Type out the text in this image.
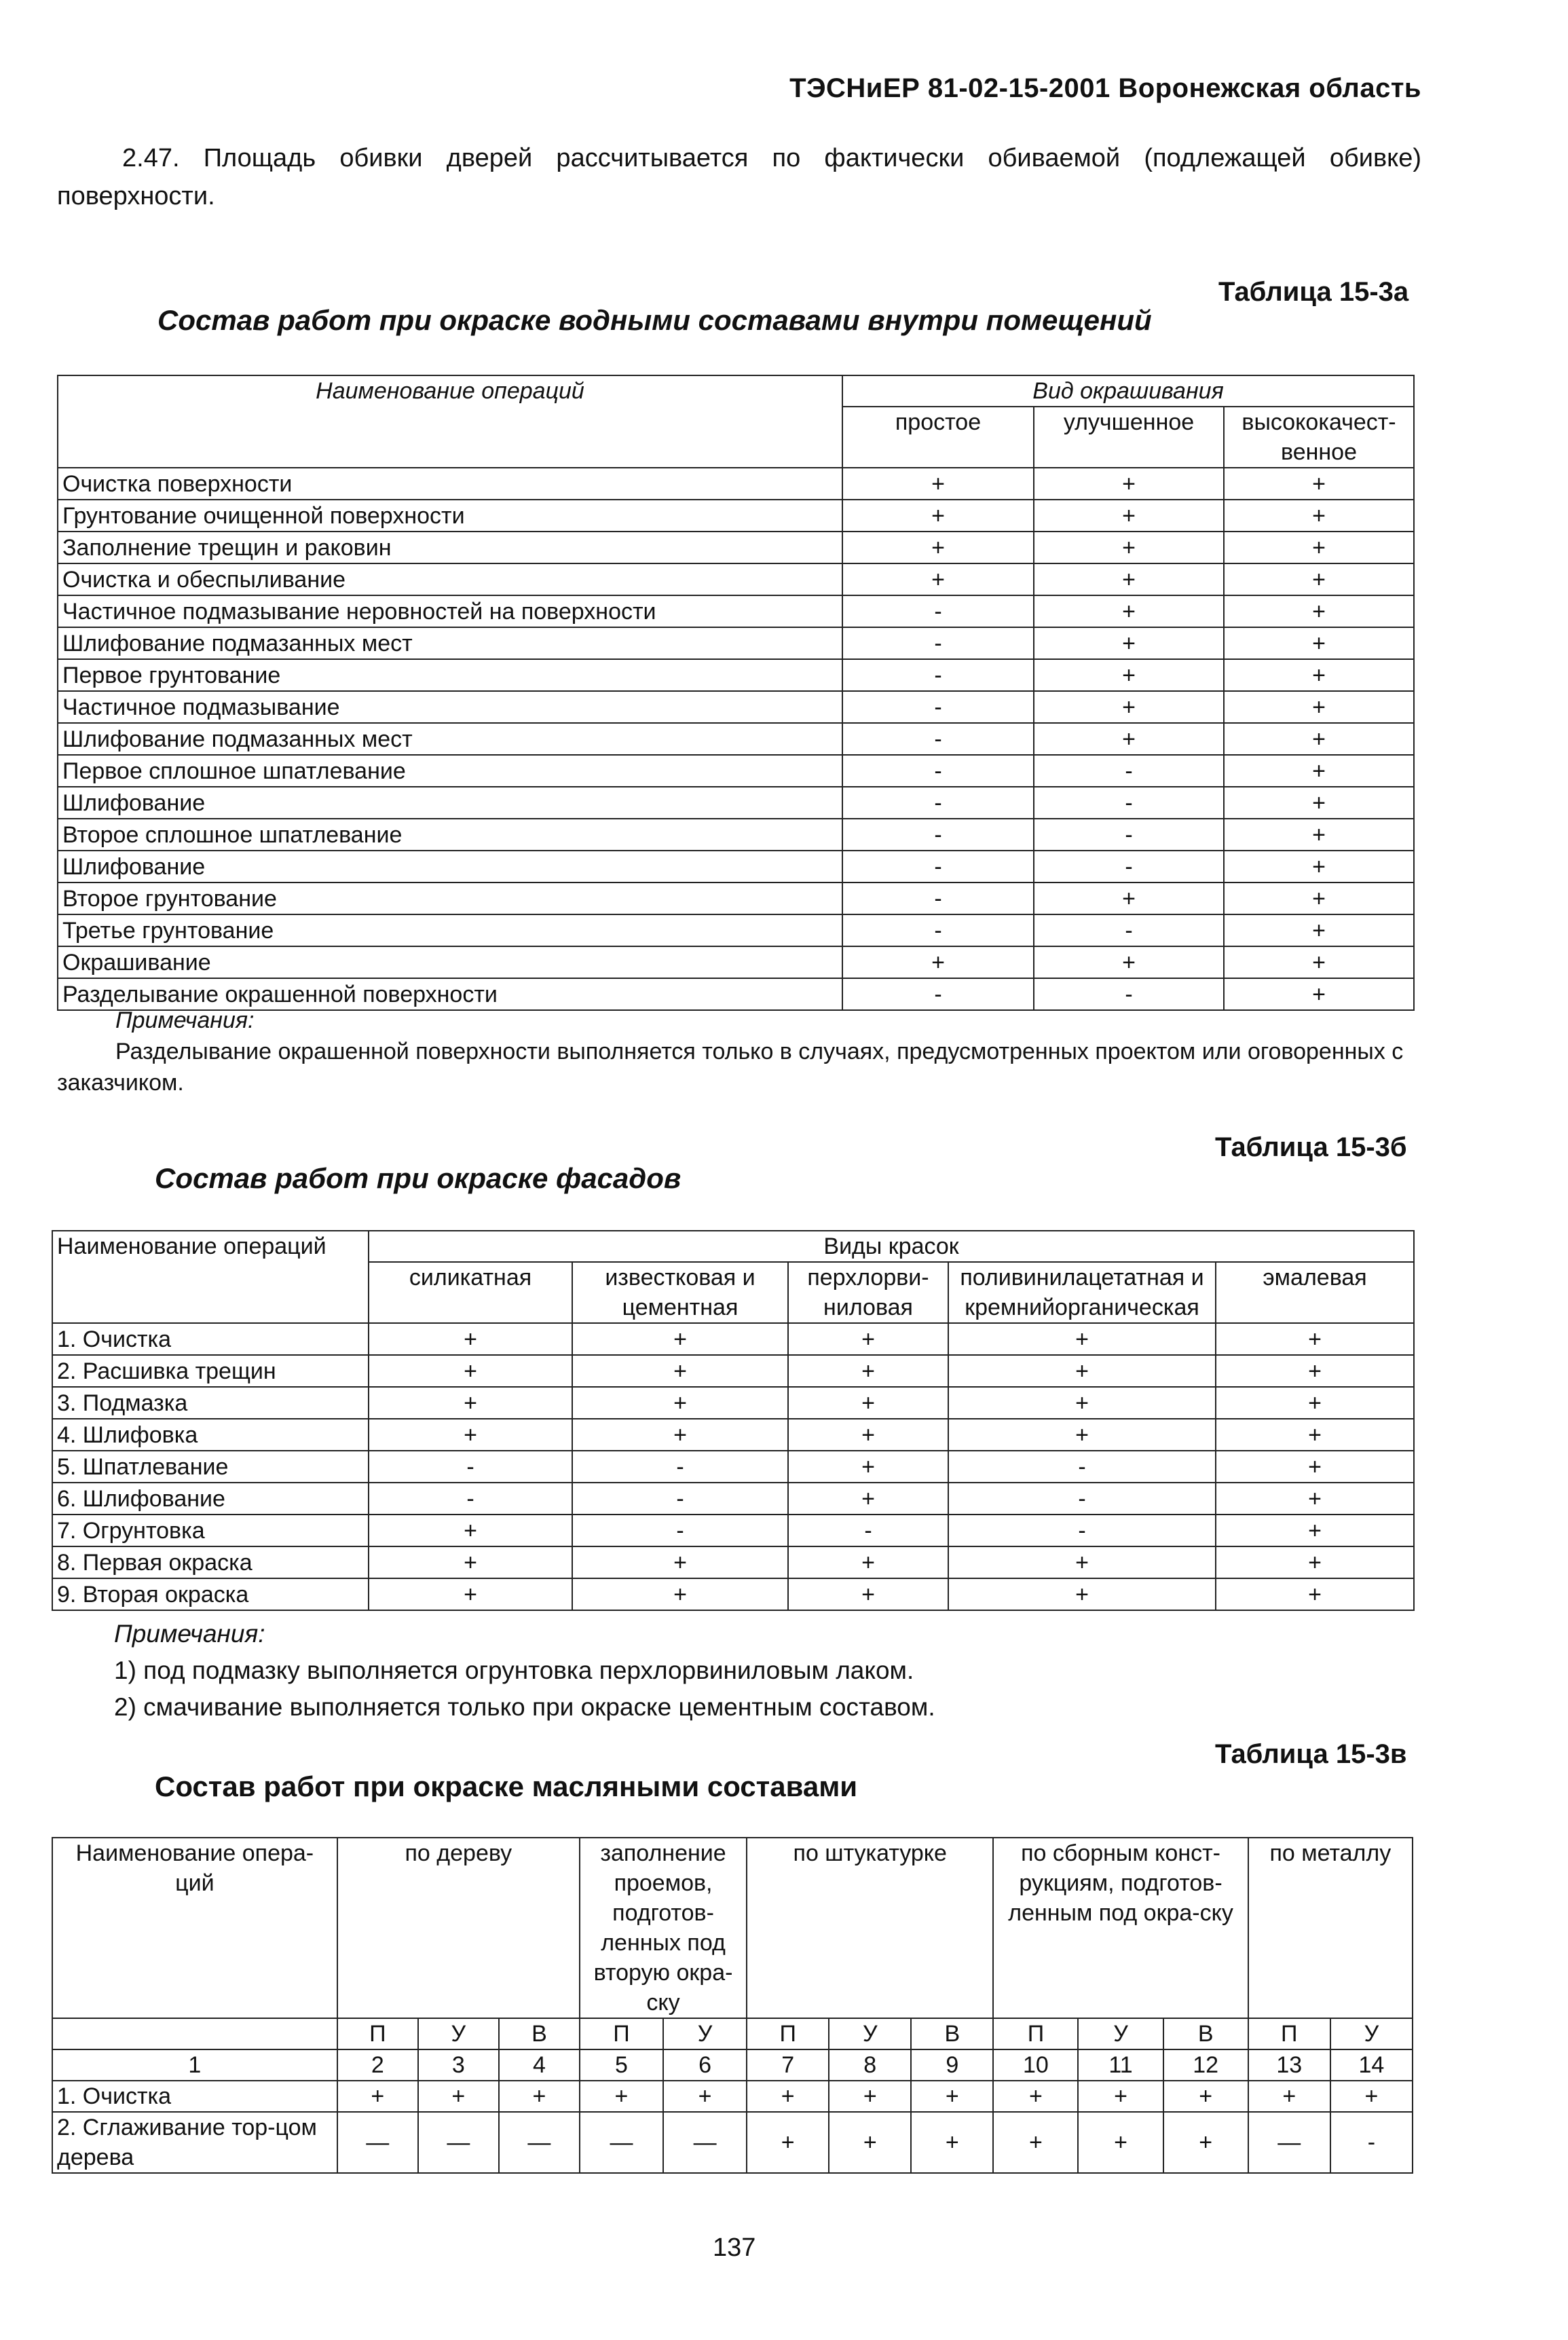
ТЭСНиЕР 81-02-15-2001 Воронежская область
2.47. Площадь обивки дверей рассчитывается по фактически обиваемой (подлежащей обивке) поверхности.
Таблица 15-3а
Состав работ при окраске водными составами внутри помещений
Наименование операций	Вид окрашивания		
	простое	улучшенное	высококачест-венное
Очистка поверхности	+	+	+
Грунтование очищенной поверхности	+	+	+
Заполнение трещин и раковин	+	+	+
Очистка и обеспыливание	+	+	+
Частичное подмазывание неровностей на поверхности	-	+	+
Шлифование подмазанных мест	-	+	+
Первое грунтование	-	+	+
Частичное подмазывание	-	+	+
Шлифование подмазанных мест	-	+	+
Первое сплошное шпатлевание	-	-	+
Шлифование	-	-	+
Второе сплошное шпатлевание	-	-	+
Шлифование	-	-	+
Второе грунтование	-	+	+
Третье грунтование	-	-	+
Окрашивание	+	+	+
Разделывание окрашенной поверхности	-	-	+
Примечания:
Разделывание окрашенной поверхности выполняется только в случаях, предусмотренных проектом или оговоренных с заказчиком.
Таблица 15-3б
Состав работ при окраске фасадов
Наименование операций	Виды красок				
	силикатная	известковая и цементная	перхлорви-ниловая	поливинилацетатная и кремнийорганическая	эмалевая
1. Очистка	+	+	+	+	+
2. Расшивка трещин	+	+	+	+	+
3. Подмазка	+	+	+	+	+
4. Шлифовка	+	+	+	+	+
5. Шпатлевание	-	-	+	-	+
6. Шлифование	-	-	+	-	+
7. Огрунтовка	+	-	-	-	+
8. Первая окраска	+	+	+	+	+
9. Вторая окраска	+	+	+	+	+
Примечания:
1) под подмазку выполняется огрунтовка перхлорвиниловым лаком.
2) смачивание выполняется только при окраске цементным составом.
Таблица 15-3в
Состав работ при окраске масляными составами
Наименование опера-ций	по дереву			заполнение проемов, подготов-ленных под вторую окра-ску		по штукатурке			по сборным конст-рукциям, подготов-ленным под окра-ску			по металлу	
	П	У	В	П	У	П	У	В	П	У	В	П	У
1	2	3	4	5	6	7	8	9	10	11	12	13	14
1. Очистка	+	+	+	+	+	+	+	+	+	+	+	+	+
2. Сглаживание тор-цом дерева	—	—	—	—	—	+	+	+	+	+	+	—	-
137
